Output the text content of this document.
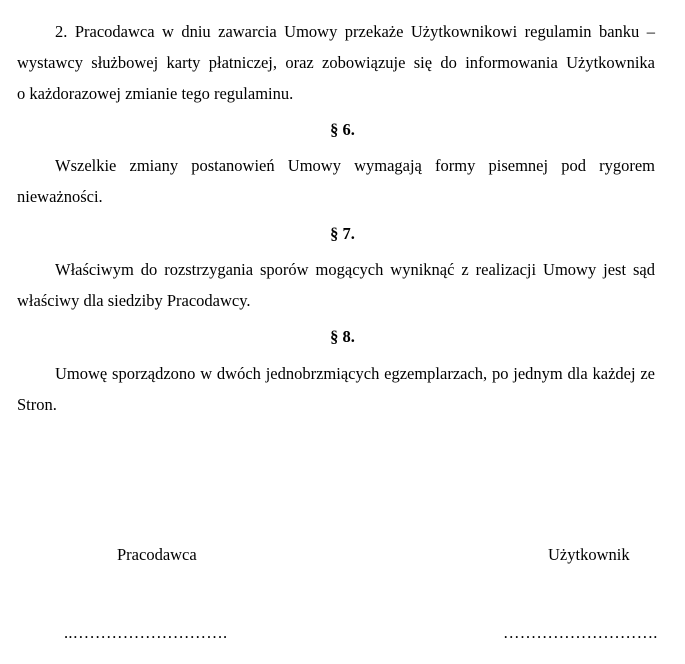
2. Pracodawca w dniu zawarcia Umowy przekaże Użytkownikowi regulamin banku –
wystawcy służbowej karty płatniczej, oraz zobowiązuje się do informowania Użytkownika
o każdorazowej zmianie tego regulaminu.

§ 6.

Wszelkie zmiany postanowień Umowy wymagają formy pisemnej pod rygorem
nieważności.

§ 7.

Właściwym do rozstrzygania sporów mogących wyniknąć z realizacji Umowy jest sąd
właściwy dla siedziby Pracodawcy.

§ 8.

Umowę sporządzono w dwóch jednobrzmiących egzemplarzach, po jednym dla każdej ze
Stron.

Pracodawca	Użytkownik

..……………………….	……………………….
